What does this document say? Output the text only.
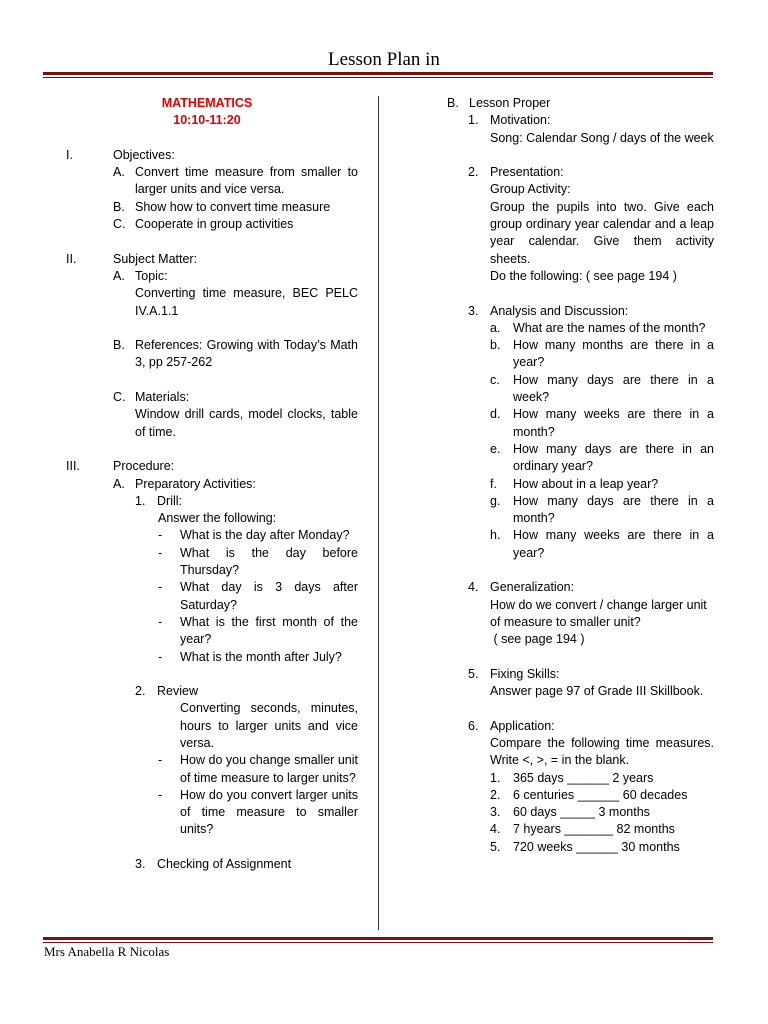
Lesson Plan in
MATHEMATICS
10:10-11:20
I.	Objectives:
A. Convert time measure from smaller to larger units and vice versa.
B. Show how to convert time measure
C. Cooperate in group activities
II.	Subject Matter:
A. Topic:
Converting time measure, BEC PELC IV.A.1.1
B. References: Growing with Today’s Math 3, pp 257-262
C. Materials:
Window drill cards, model clocks, table of time.
III.	Procedure:
A. Preparatory Activities:
1. Drill:
Answer the following:
-	What is the day after Monday?
-	What is the day before Thursday?
-	What day is 3 days after Saturday?
-	What is the first month of the year?
-	What is the month after July?
2. Review
Converting seconds, minutes, hours to larger units and vice versa.
-	How do you change smaller unit of time measure to larger units?
-	How do you convert larger units of time measure to smaller units?
3. Checking of Assignment
B. Lesson Proper
1. Motivation:
Song: Calendar Song / days of the week
2. Presentation:
Group Activity:
Group the pupils into two. Give each group ordinary year calendar and a leap year calendar. Give them activity sheets.
Do the following: ( see page 194 )
3. Analysis and Discussion:
a.	What are the names of the month?
b.	How many months are there in a year?
c.	How many days are there in a week?
d.	How many weeks are there in a month?
e.	How many days are there in an ordinary year?
f.	How about in a leap year?
g.	How many days are there in a month?
h.	How many weeks are there in a year?
4. Generalization:
How do we convert / change larger unit of measure to smaller unit?
( see page 194 )
5. Fixing Skills:
Answer page 97 of Grade III Skillbook.
6. Application:
Compare the following time measures. Write <, >, = in the blank.
1.	365 days ______ 2 years
2.	6 centuries ______ 60 decades
3.	60 days _____ 3 months
4.	7 hyears _______ 82 months
5.	720 weeks ______ 30 months
Mrs Anabella R Nicolas
